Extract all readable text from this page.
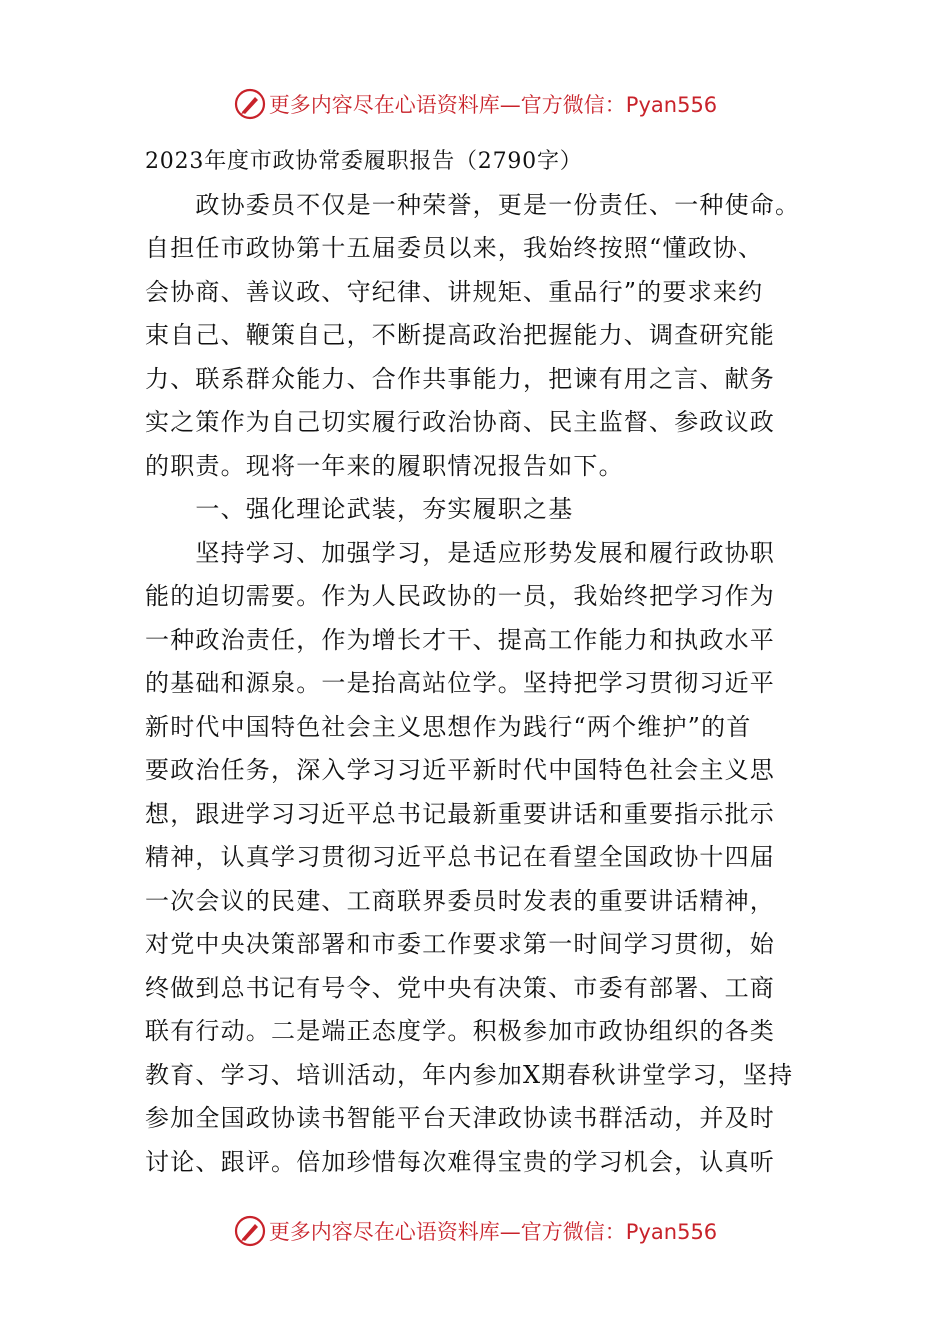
更多内容尽在心语资料库—官方微信：Pyan556
2023年度市政协常委履职报告（2790字）
　　政协委员不仅是一种荣誉，更是一份责任、一种使命。
自担任市政协第十五届委员以来，我始终按照“懂政协、
会协商、善议政、守纪律、讲规矩、重品行”的要求来约
束自己、鞭策自己，不断提高政治把握能力、调查研究能
力、联系群众能力、合作共事能力，把谏有用之言、献务
实之策作为自己切实履行政治协商、民主监督、参政议政
的职责。现将一年来的履职情况报告如下。
　　一、强化理论武装，夯实履职之基
　　坚持学习、加强学习，是适应形势发展和履行政协职
能的迫切需要。作为人民政协的一员，我始终把学习作为
一种政治责任，作为增长才干、提高工作能力和执政水平
的基础和源泉。一是抬高站位学。坚持把学习贯彻习近平
新时代中国特色社会主义思想作为践行“两个维护”的首
要政治任务，深入学习习近平新时代中国特色社会主义思
想，跟进学习习近平总书记最新重要讲话和重要指示批示
精神，认真学习贯彻习近平总书记在看望全国政协十四届
一次会议的民建、工商联界委员时发表的重要讲话精神，
对党中央决策部署和市委工作要求第一时间学习贯彻，始
终做到总书记有号令、党中央有决策、市委有部署、工商
联有行动。二是端正态度学。积极参加市政协组织的各类
教育、学习、培训活动，年内参加X期春秋讲堂学习，坚持
参加全国政协读书智能平台天津政协读书群活动，并及时
讨论、跟评。倍加珍惜每次难得宝贵的学习机会，认真听
更多内容尽在心语资料库—官方微信：Pyan556
